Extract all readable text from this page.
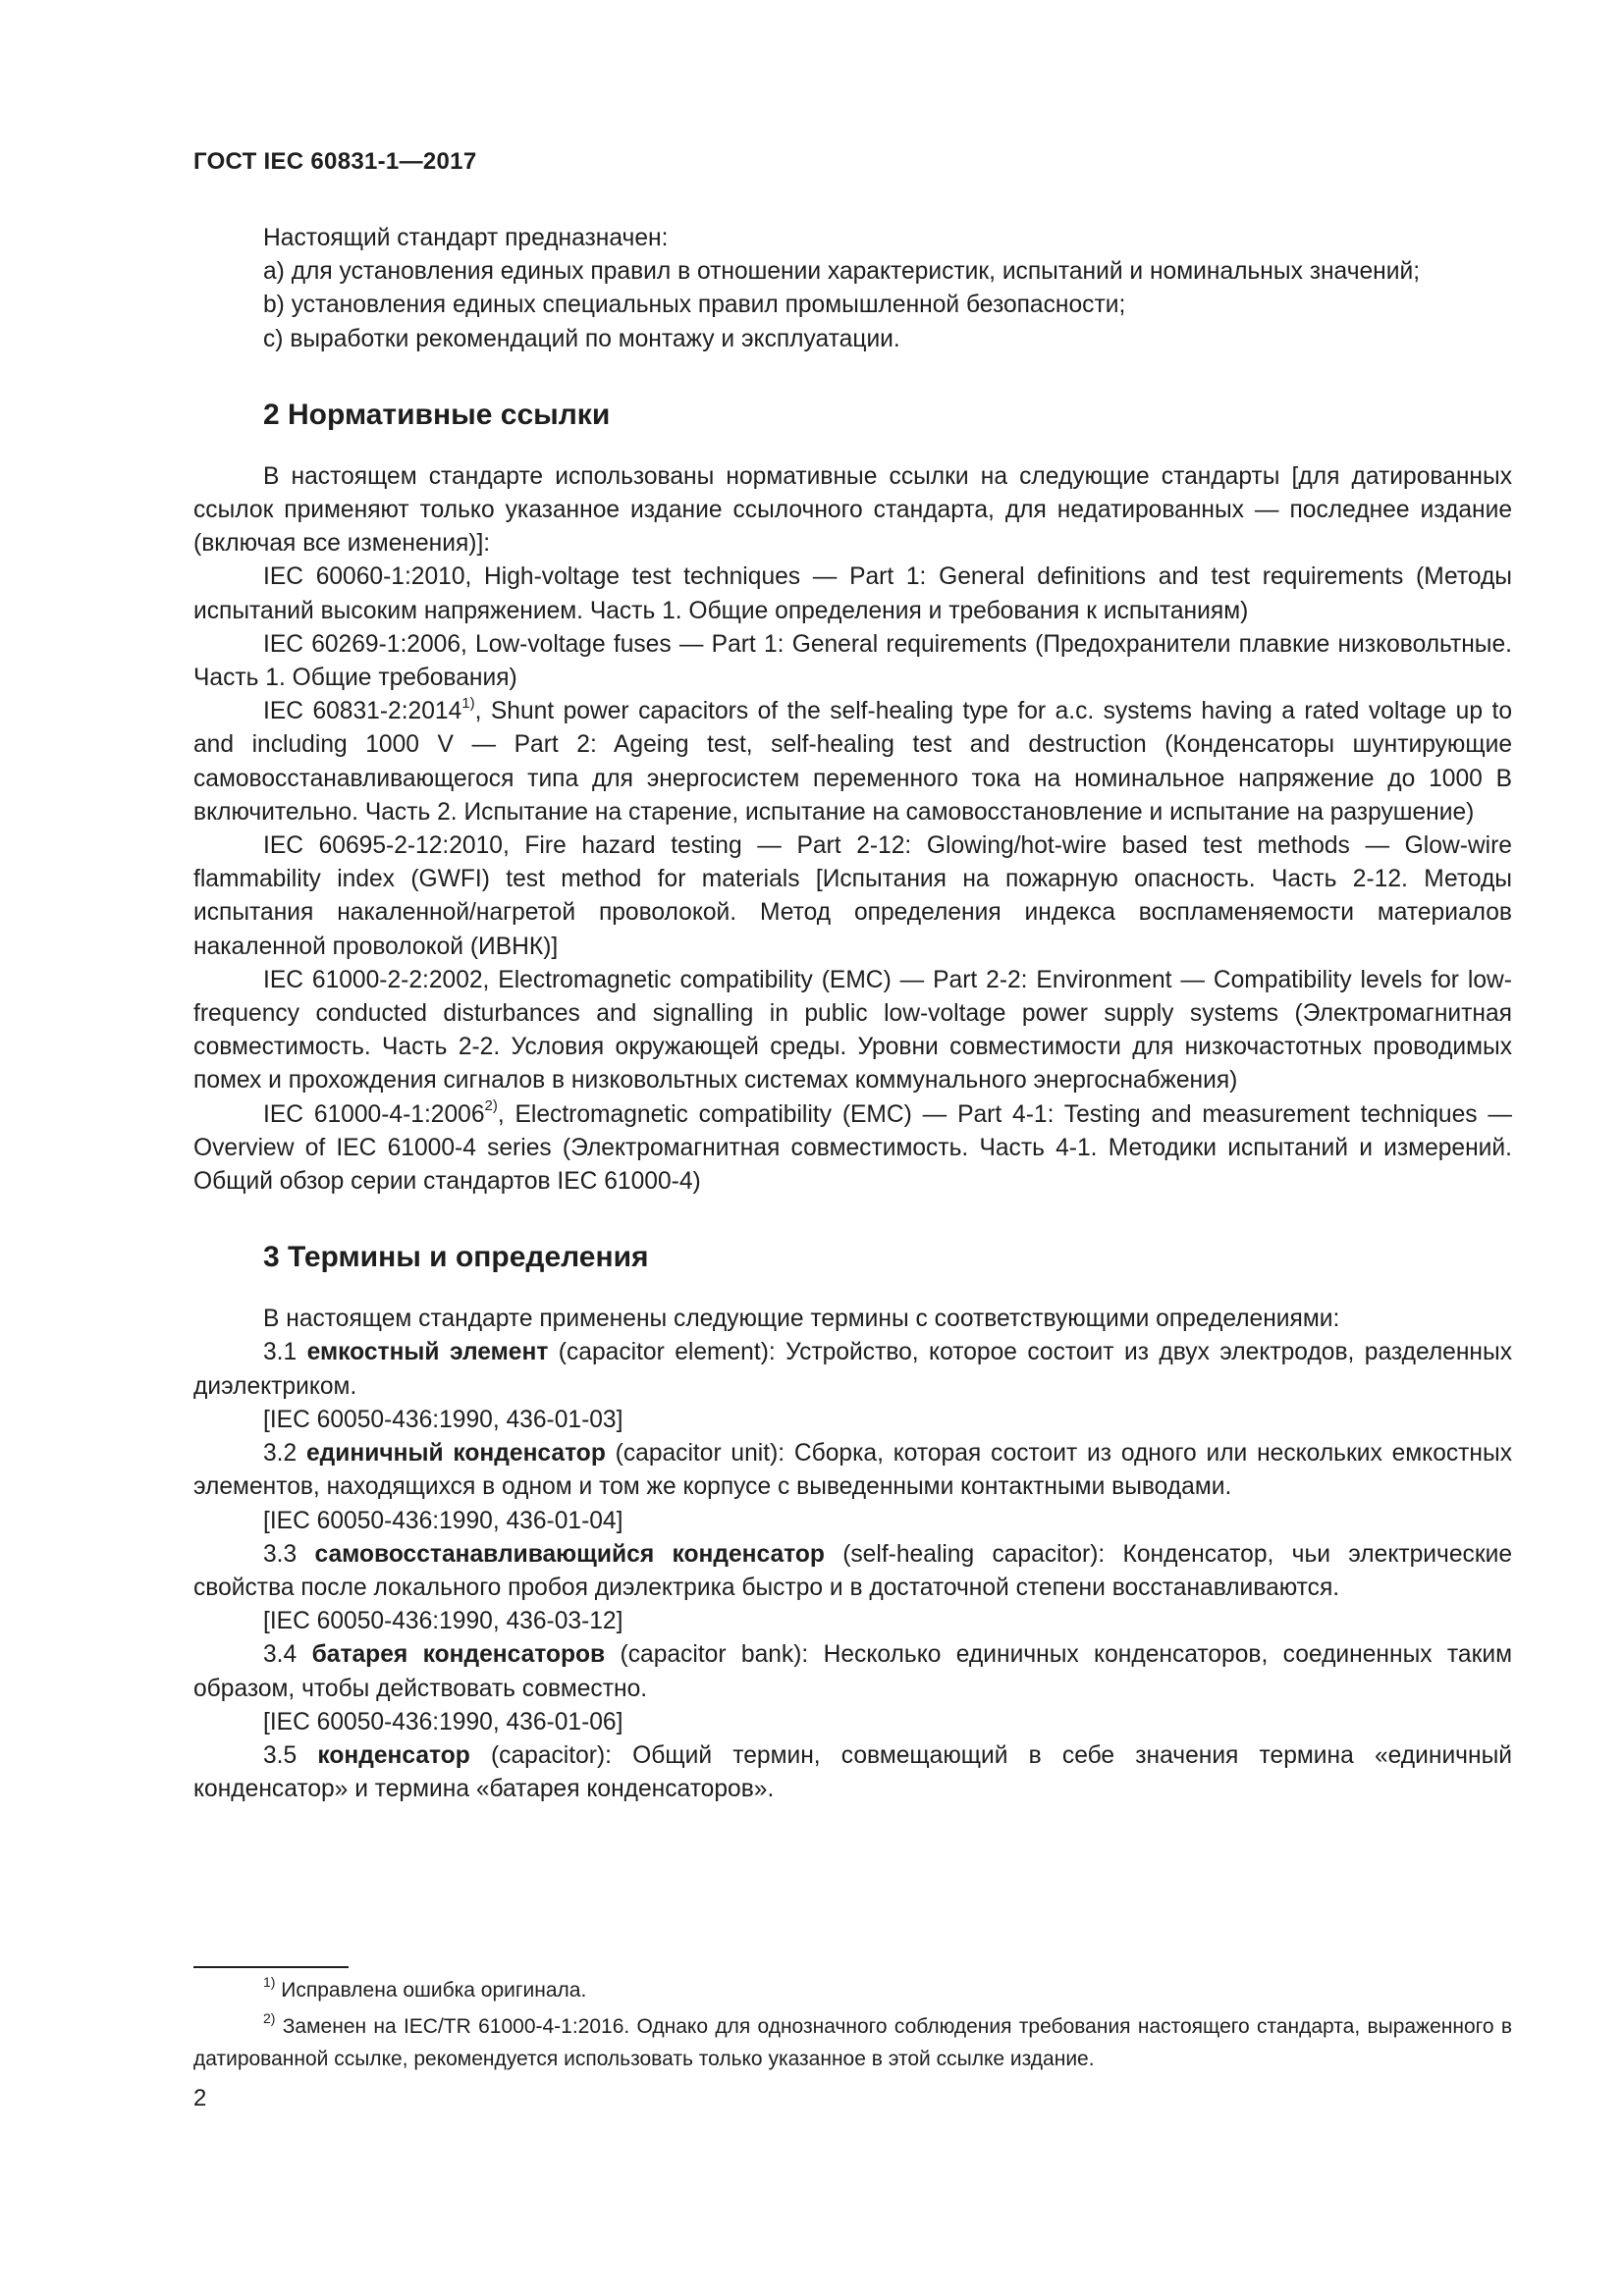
ГОСТ IEC 60831-1—2017

Настоящий стандарт предназначен:

a) для установления единых правил в отношении характеристик, испытаний и номинальных значений;

b) установления единых специальных правил промышленной безопасности;

c) выработки рекомендаций по монтажу и эксплуатации.

2 Нормативные ссылки

В настоящем стандарте использованы нормативные ссылки на следующие стандарты [для датированных ссылок применяют только указанное издание ссылочного стандарта, для недатированных — последнее издание (включая все изменения)]:

IEC 60060-1:2010, High-voltage test techniques — Part 1: General definitions and test requirements (Методы испытаний высоким напряжением. Часть 1. Общие определения и требования к испытаниям)

IEC 60269-1:2006, Low-voltage fuses — Part 1: General requirements (Предохранители плавкие низковольтные. Часть 1. Общие требования)

IEC 60831-2:2014$^{1)}$, Shunt power capacitors of the self-healing type for a.c. systems having a rated voltage up to and including 1000 V — Part 2: Ageing test, self-healing test and destruction (Конденсаторы шунтирующие самовосстанавливающегося типа для энергосистем переменного тока на номинальное напряжение до 1000 В включительно. Часть 2. Испытание на старение, испытание на самовосстановление и испытание на разрушение)

IEC 60695-2-12:2010, Fire hazard testing — Part 2-12: Glowing/hot-wire based test methods — Glow-wire flammability index (GWFI) test method for materials [Испытания на пожарную опасность. Часть 2-12. Методы испытания накаленной/нагретой проволокой. Метод определения индекса воспламеняемости материалов накаленной проволокой (ИВНК)]

IEC 61000-2-2:2002, Electromagnetic compatibility (EMC) — Part 2-2: Environment — Compatibility levels for low-frequency conducted disturbances and signalling in public low-voltage power supply systems (Электромагнитная совместимость. Часть 2-2. Условия окружающей среды. Уровни совместимости для низкочастотных проводимых помех и прохождения сигналов в низковольтных системах коммунального энергоснабжения)

IEC 61000-4-1:2006$^{2)}$, Electromagnetic compatibility (EMC) — Part 4-1: Testing and measurement techniques — Overview of IEC 61000-4 series (Электромагнитная совместимость. Часть 4-1. Методики испытаний и измерений. Общий обзор серии стандартов IEC 61000-4)

3 Термины и определения

В настоящем стандарте применены следующие термины с соответствующими определениями:

3.1 емкостный элемент (capacitor element): Устройство, которое состоит из двух электродов, разделенных диэлектриком.

[IEC 60050-436:1990, 436-01-03]

3.2 единичный конденсатор (capacitor unit): Сборка, которая состоит из одного или нескольких емкостных элементов, находящихся в одном и том же корпусе с выведенными контактными выводами.

[IEC 60050-436:1990, 436-01-04]

3.3 самовосстанавливающийся конденсатор (self-healing capacitor): Конденсатор, чьи электрические свойства после локального пробоя диэлектрика быстро и в достаточной степени восстанавливаются.

[IEC 60050-436:1990, 436-03-12]

3.4 батарея конденсаторов (capacitor bank): Несколько единичных конденсаторов, соединенных таким образом, чтобы действовать совместно.

[IEC 60050-436:1990, 436-01-06]

3.5 конденсатор (capacitor): Общий термин, совмещающий в себе значения термина «единичный конденсатор» и термина «батарея конденсаторов».

$^{1)}$ Исправлена ошибка оригинала.

$^{2)}$ Заменен на IEC/TR 61000-4-1:2016. Однако для однозначного соблюдения требования настоящего стандарта, выраженного в датированной ссылке, рекомендуется использовать только указанное в этой ссылке издание.

2
